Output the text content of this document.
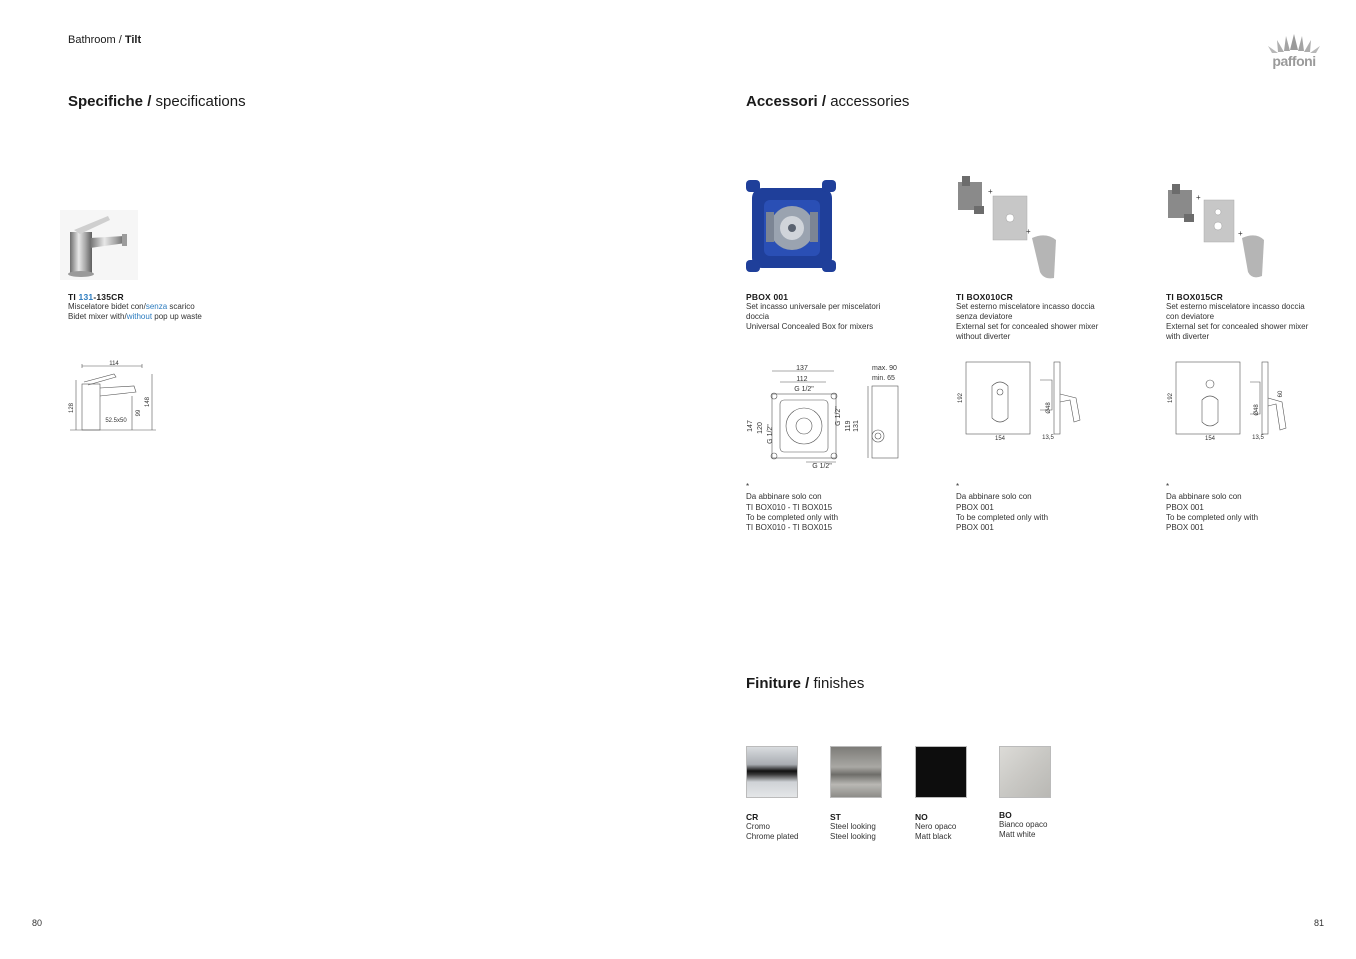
Bathroom / Tilt
paffoni
Specifiche / specifications
TI 131-135CR
Miscelatore bidet con/senza scarico
Bidet mixer with/without pop up waste
114
128
148
99
52.5x50
80
Accessori / accessories
+
+
+
+
PBOX 001
Set incasso universale per miscelatori doccia
Universal Concealed Box for mixers
TI BOX010CR
Set esterno miscelatore incasso doccia senza deviatore
External set for concealed shower mixer without diverter
TI BOX015CR
Set esterno miscelatore incasso doccia con deviatore
External set for concealed shower mixer with diverter
137
112
G 1/2"
147 120 G 1/2"
G 1/2"
119 131
G 1/2"
max. 90
min. 65
192
154
Ø48
13,5
192
154
Ø48
60
13,5
*
Da abbinare solo con
TI BOX010 - TI BOX015
To be completed only with
TI BOX010 - TI BOX015
*
Da abbinare solo con
PBOX 001
To be completed only with
PBOX 001
*
Da abbinare solo con
PBOX 001
To be completed only with
PBOX 001
Finiture / finishes
CR
Cromo
Chrome plated
ST
Steel looking
Steel looking
NO
Nero opaco
Matt black
BO
Bianco opaco
Matt white
81
